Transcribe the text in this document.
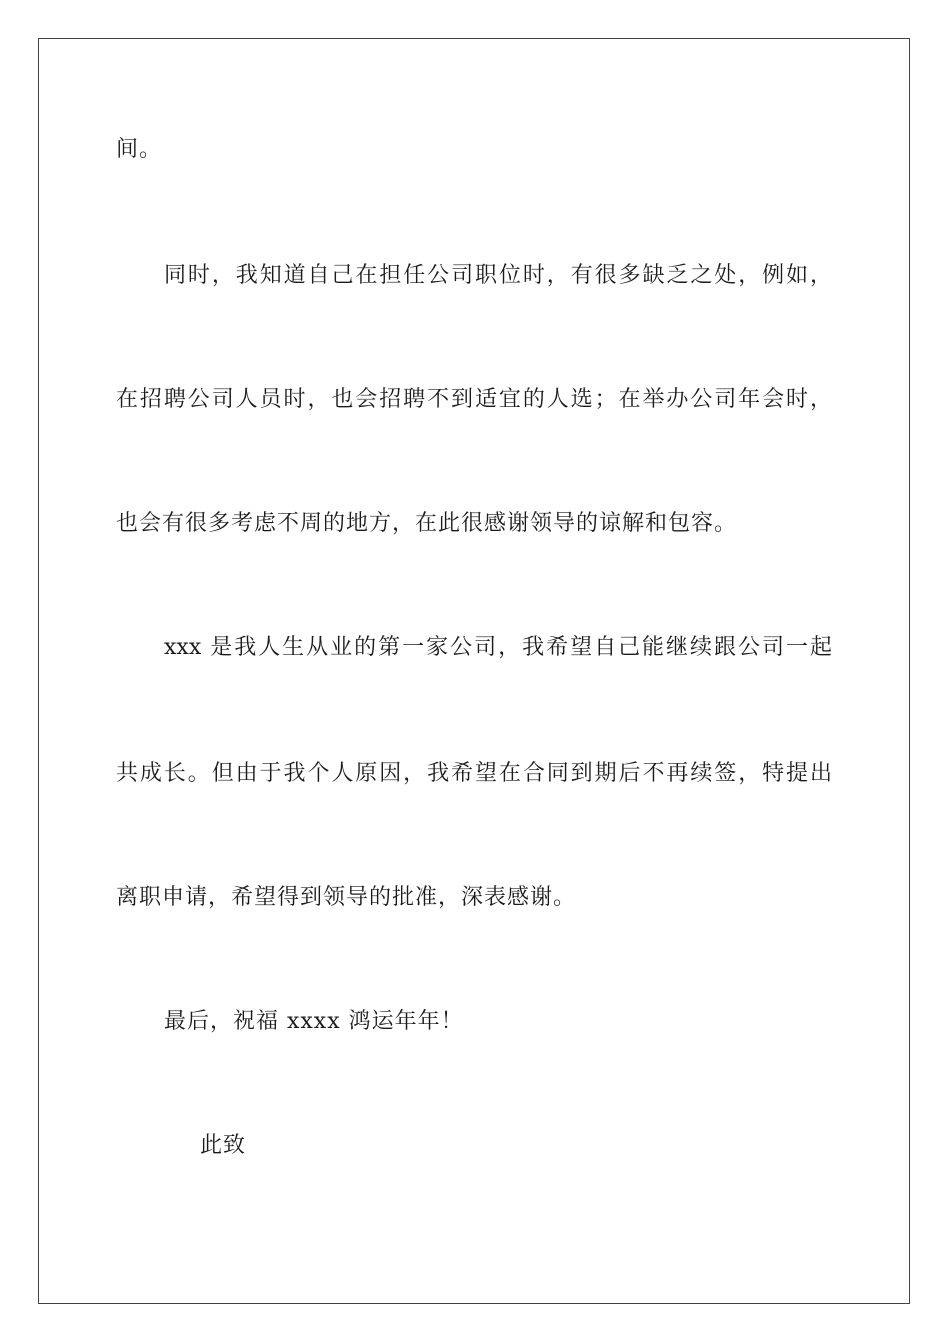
间。
同时，我知道自己在担任公司职位时，有很多缺乏之处，例如，
在招聘公司人员时，也会招聘不到适宜的人选；在举办公司年会时，
也会有很多考虑不周的地方，在此很感谢领导的谅解和包容。
xxx 是我人生从业的第一家公司，我希望自己能继续跟公司一起
共成长。但由于我个人原因，我希望在合同到期后不再续签，特提出
离职申请，希望得到领导的批准，深表感谢。
最后，祝福 xxxx 鸿运年年！
此致
